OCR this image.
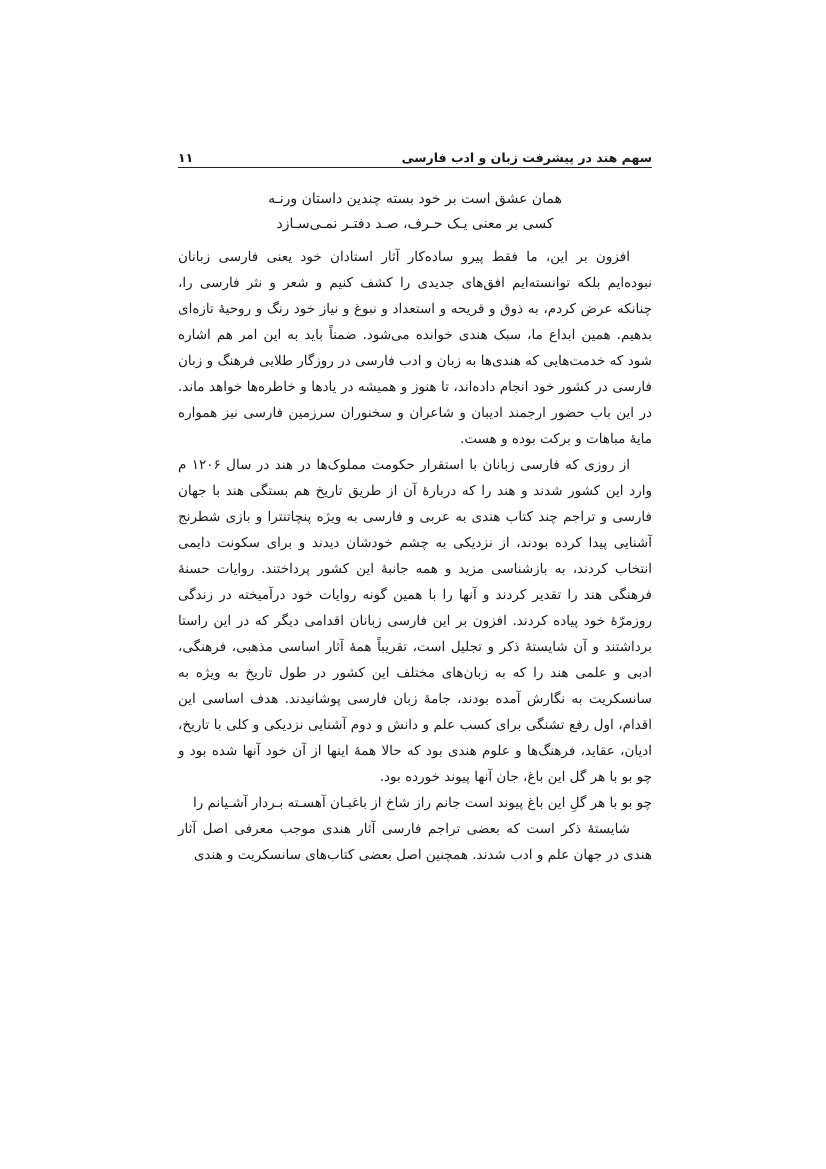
سهم هند در پیشرفت زبان و ادب فارسی
۱۱
همان عشق است بر خود بسته چندین داستان ورنـه
کسی بر معنی یـک حـرف، صـد دفتـر نمـی‌سـازد

افزون بر این، ما فقط پیرو ساده‌کار آثار استادان خود یعنی فارسی زبانان نبوده‌ایم بلکه توانسته‌ایم افق‌های جدیدی را کشف کنیم و شعر و نثر فارسی را، چنانکه عرض کردم، به ذوق و قریحه و استعداد و نبوغ و نیاز خود رنگ و روحیهٔ تازه‌ای بدهیم. همین ابداع ما، سبک هندی خوانده می‌شود. ضمناً باید به این امر هم اشاره شود که خدمت‌هایی که هندی‌ها به زبان و ادب فارسی در روزگار طلایی فرهنگ و زبان فارسی در کشور خود انجام داده‌اند، تا هنوز و همیشه در یادها و خاطره‌ها خواهد ماند. در این باب حضور ارجمند ادیبان و شاعران و سخنوران سرزمین فارسی نیز همواره مایهٔ مباهات و برکت بوده و هست.

از روزی که فارسی زبانان با استقرار حکومت مملوک‌ها در هند در سال ۱۲۰۶ م وارد این کشور شدند و هند را که دربارهٔ آن از طریق تاریخ هم بستگی هند با جهان فارسی و تراجم چند کتاب هندی به عربی و فارسی به ویژه پنچاتنترا و بازی شطرنج آشنایی پیدا کرده بودند، از نزدیکی به چشم خودشان دیدند و برای سکونت دایمی انتخاب کردند، به بازشناسی مزید و همه جانبهٔ این کشور پرداختند. روایات حسنهٔ فرهنگی هند را تقدیر کردند و آنها را با همین گونه روایات خود درآمیخته در زندگی روزمرّهٔ خود پیاده کردند. افزون بر این فارسی زبانان اقدامی دیگر که در این راستا برداشتند و آن شایستهٔ ذکر و تجلیل است، تقریباً همهٔ آثار اساسی مذهبی، فرهنگی، ادبی و علمی هند را که به زبان‌های مختلف این کشور در طول تاریخ به ویژه به سانسکریت به نگارش آمده بودند، جامهٔ زبان فارسی پوشانیدند. هدف اساسی این اقدام، اول رفع تشنگی برای کسب علم و دانش و دوم آشنایی نزدیکی و کلی با تاریخ، ادیان، عقاید، فرهنگ‌ها و علوم هندی بود که حالا همهٔ اینها از آن خود آنها شده بود و چو بو با هر گل این باغ، جان آنها پیوند خورده بود.

چو بو با هر گلِ این باغ پیوند است جانم را
ز شاخ از باغبـان آهسـته بـردار آشـیانم را

شایستهٔ ذکر است که بعضی تراجم فارسی آثار هندی موجب معرفی اصل آثار هندی در جهان علم و ادب شدند. همچنین اصل بعضی کتاب‌های سانسکریت و هندی
